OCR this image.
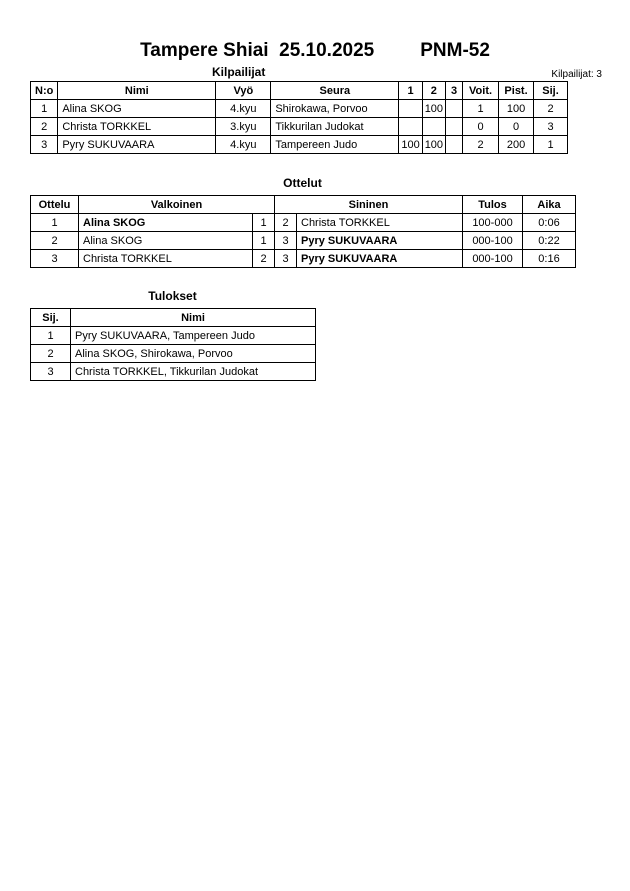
Tampere Shiai  25.10.2025 PNM-52
Kilpailijat: 3
Kilpailijat
N:o	Nimi	Vyö	Seura	1	2	3	Voit.	Pist.	Sij.
1	Alina SKOG	4.kyu	Shirokawa, Porvoo		100		1	100	2
2	Christa TORKKEL	3.kyu	Tikkurilan Judokat				0	0	3
3	Pyry SUKUVAARA	4.kyu	Tampereen Judo	100	100		2	200	1
Ottelut
Ottelu	Valkoinen		Sininen		Tulos	Aika
1	Alina SKOG	1	2	Christa TORKKEL	100-000	0:06
2	Alina SKOG	1	3	Pyry SUKUVAARA	000-100	0:22
3	Christa TORKKEL	2	3	Pyry SUKUVAARA	000-100	0:16
Tulokset
Sij.	Nimi
1	Pyry SUKUVAARA, Tampereen Judo
2	Alina SKOG, Shirokawa, Porvoo
3	Christa TORKKEL, Tikkurilan Judokat
